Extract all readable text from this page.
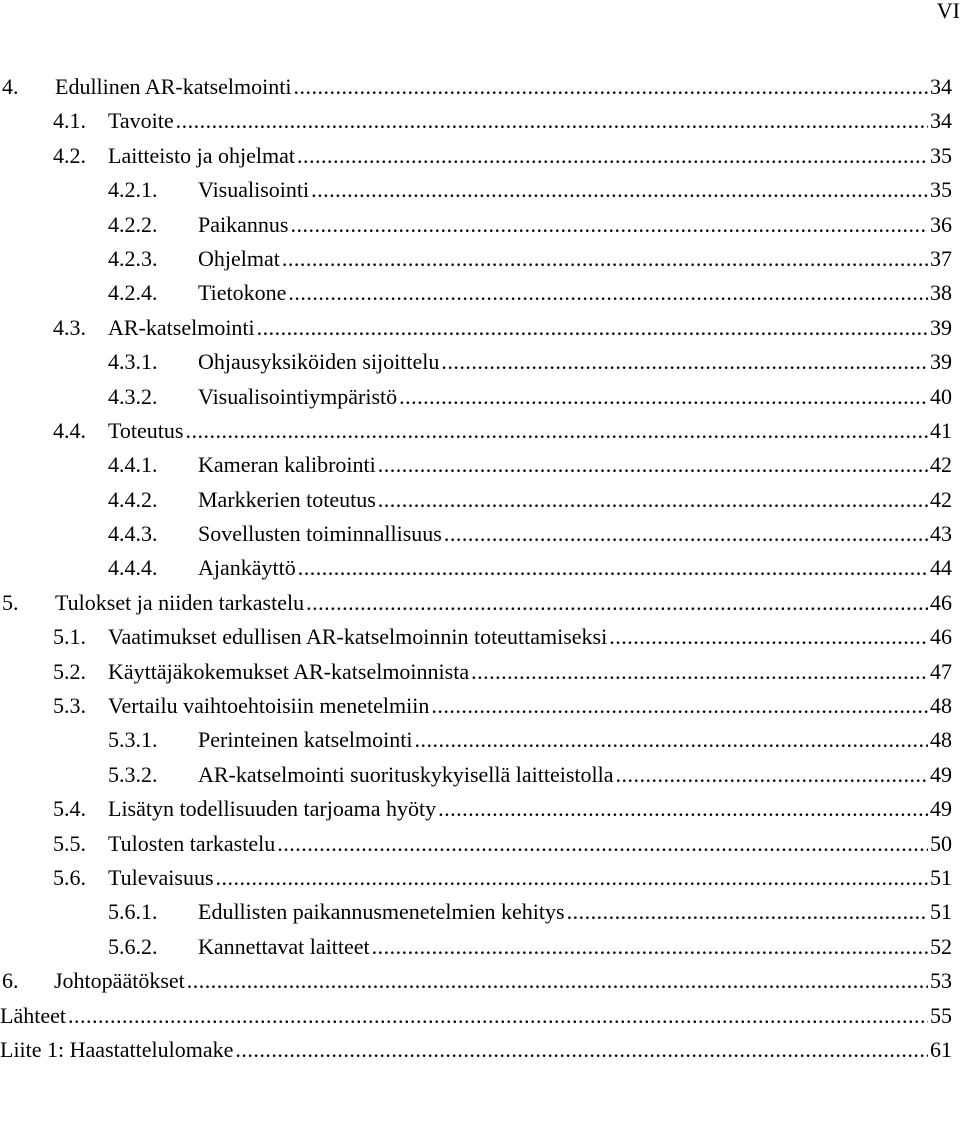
VI
4.	Edullinen AR-katselmointi .....	34
4.1.	Tavoite .....	34
4.2.	Laitteisto ja ohjelmat .....	35
4.2.1.	Visualisointi .....	35
4.2.2.	Paikannus .....	36
4.2.3.	Ohjelmat .....	37
4.2.4.	Tietokone .....	38
4.3.	AR-katselmointi .....	39
4.3.1.	Ohjausyksiköiden sijoittelu .....	39
4.3.2.	Visualisointiympäristö .....	40
4.4.	Toteutus .....	41
4.4.1.	Kameran kalibrointi .....	42
4.4.2.	Markkerien toteutus .....	42
4.4.3.	Sovellusten toiminnallisuus .....	43
4.4.4.	Ajankäyttö .....	44
5.	Tulokset ja niiden tarkastelu .....	46
5.1.	Vaatimukset edullisen AR-katselmoinnin toteuttamiseksi .....	46
5.2.	Käyttäjäkokemukset AR-katselmoinnista .....	47
5.3.	Vertailu vaihtoehtoisiin menetelmiin .....	48
5.3.1.	Perinteinen katselmointi .....	48
5.3.2.	AR-katselmointi suorituskykyisellä laitteistolla .....	49
5.4.	Lisätyn todellisuuden tarjoama hyöty .....	49
5.5.	Tulosten tarkastelu .....	50
5.6.	Tulevaisuus .....	51
5.6.1.	Edullisten paikannusmenetelmien kehitys .....	51
5.6.2.	Kannettavat laitteet .....	52
6.	Johtopäätökset .....	53
Lähteet .....	55
Liite 1: Haastattelulomake .....	61
